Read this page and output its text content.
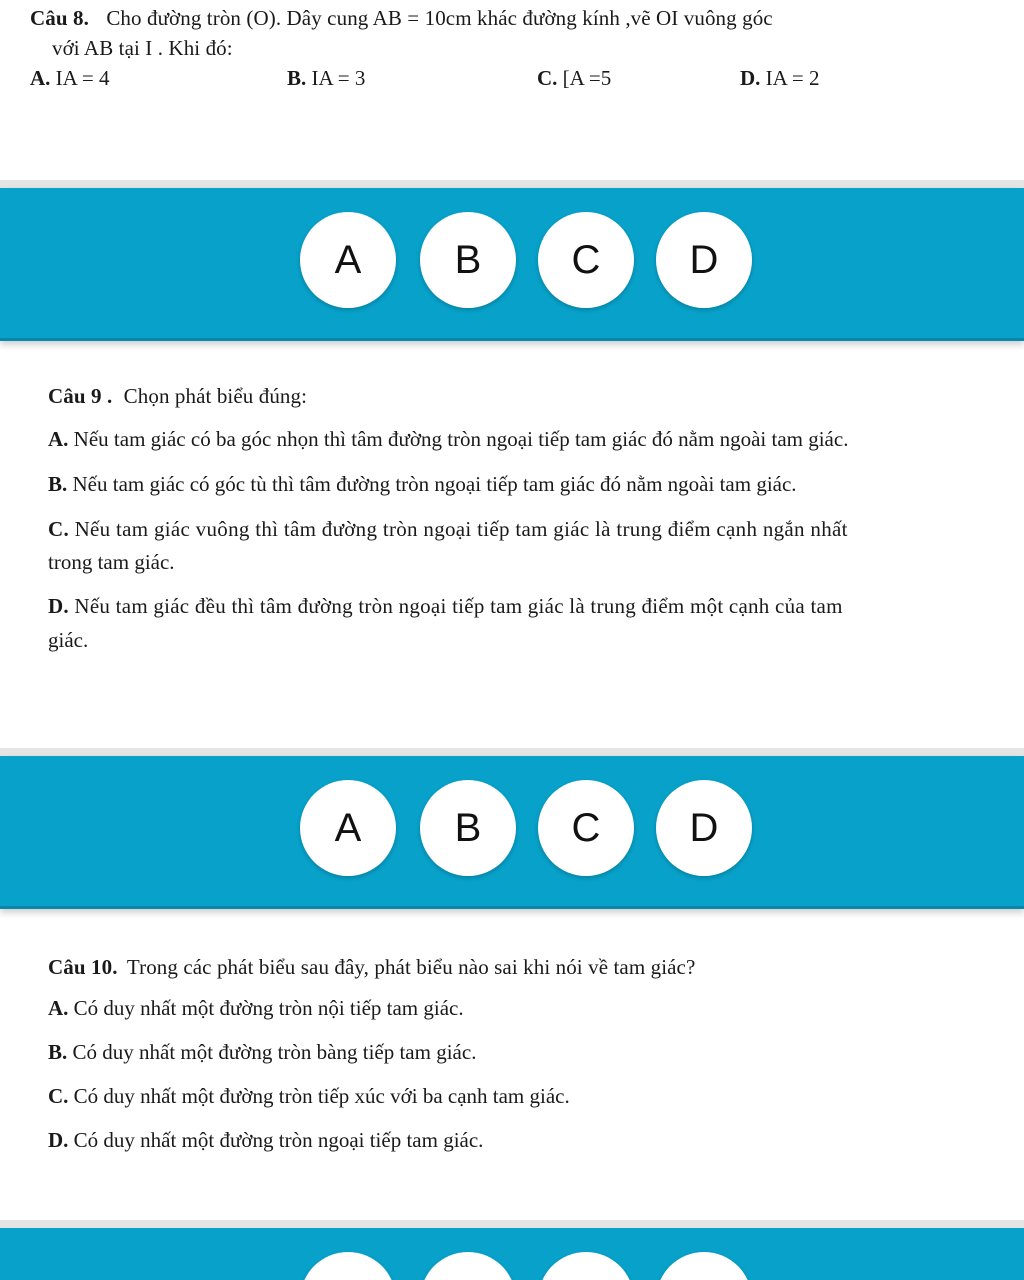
Câu 8. Cho đường tròn (O). Dây cung AB = 10cm khác đường kính ,vẽ OI vuông góc
với AB tại I . Khi đó:
A. IA = 4	B. IA = 3	C. [A =5	D. IA = 2
A	B	C	D
Câu 9 . Chọn phát biểu đúng:
A. Nếu tam giác có ba góc nhọn thì tâm đường tròn ngoại tiếp tam giác đó nằm ngoài tam giác.
B. Nếu tam giác có góc tù thì tâm đường tròn ngoại tiếp tam giác đó nằm ngoài tam giác.
C. Nếu tam giác vuông thì tâm đường tròn ngoại tiếp tam giác là trung điểm cạnh ngắn nhất
trong tam giác.
D. Nếu tam giác đều thì tâm đường tròn ngoại tiếp tam giác là trung điểm một cạnh của tam
giác.
A	B	C	D
Câu 10. Trong các phát biểu sau đây, phát biểu nào sai khi nói về tam giác?
A. Có duy nhất một đường tròn nội tiếp tam giác.
B. Có duy nhất một đường tròn bàng tiếp tam giác.
C. Có duy nhất một đường tròn tiếp xúc với ba cạnh tam giác.
D. Có duy nhất một đường tròn ngoại tiếp tam giác.
